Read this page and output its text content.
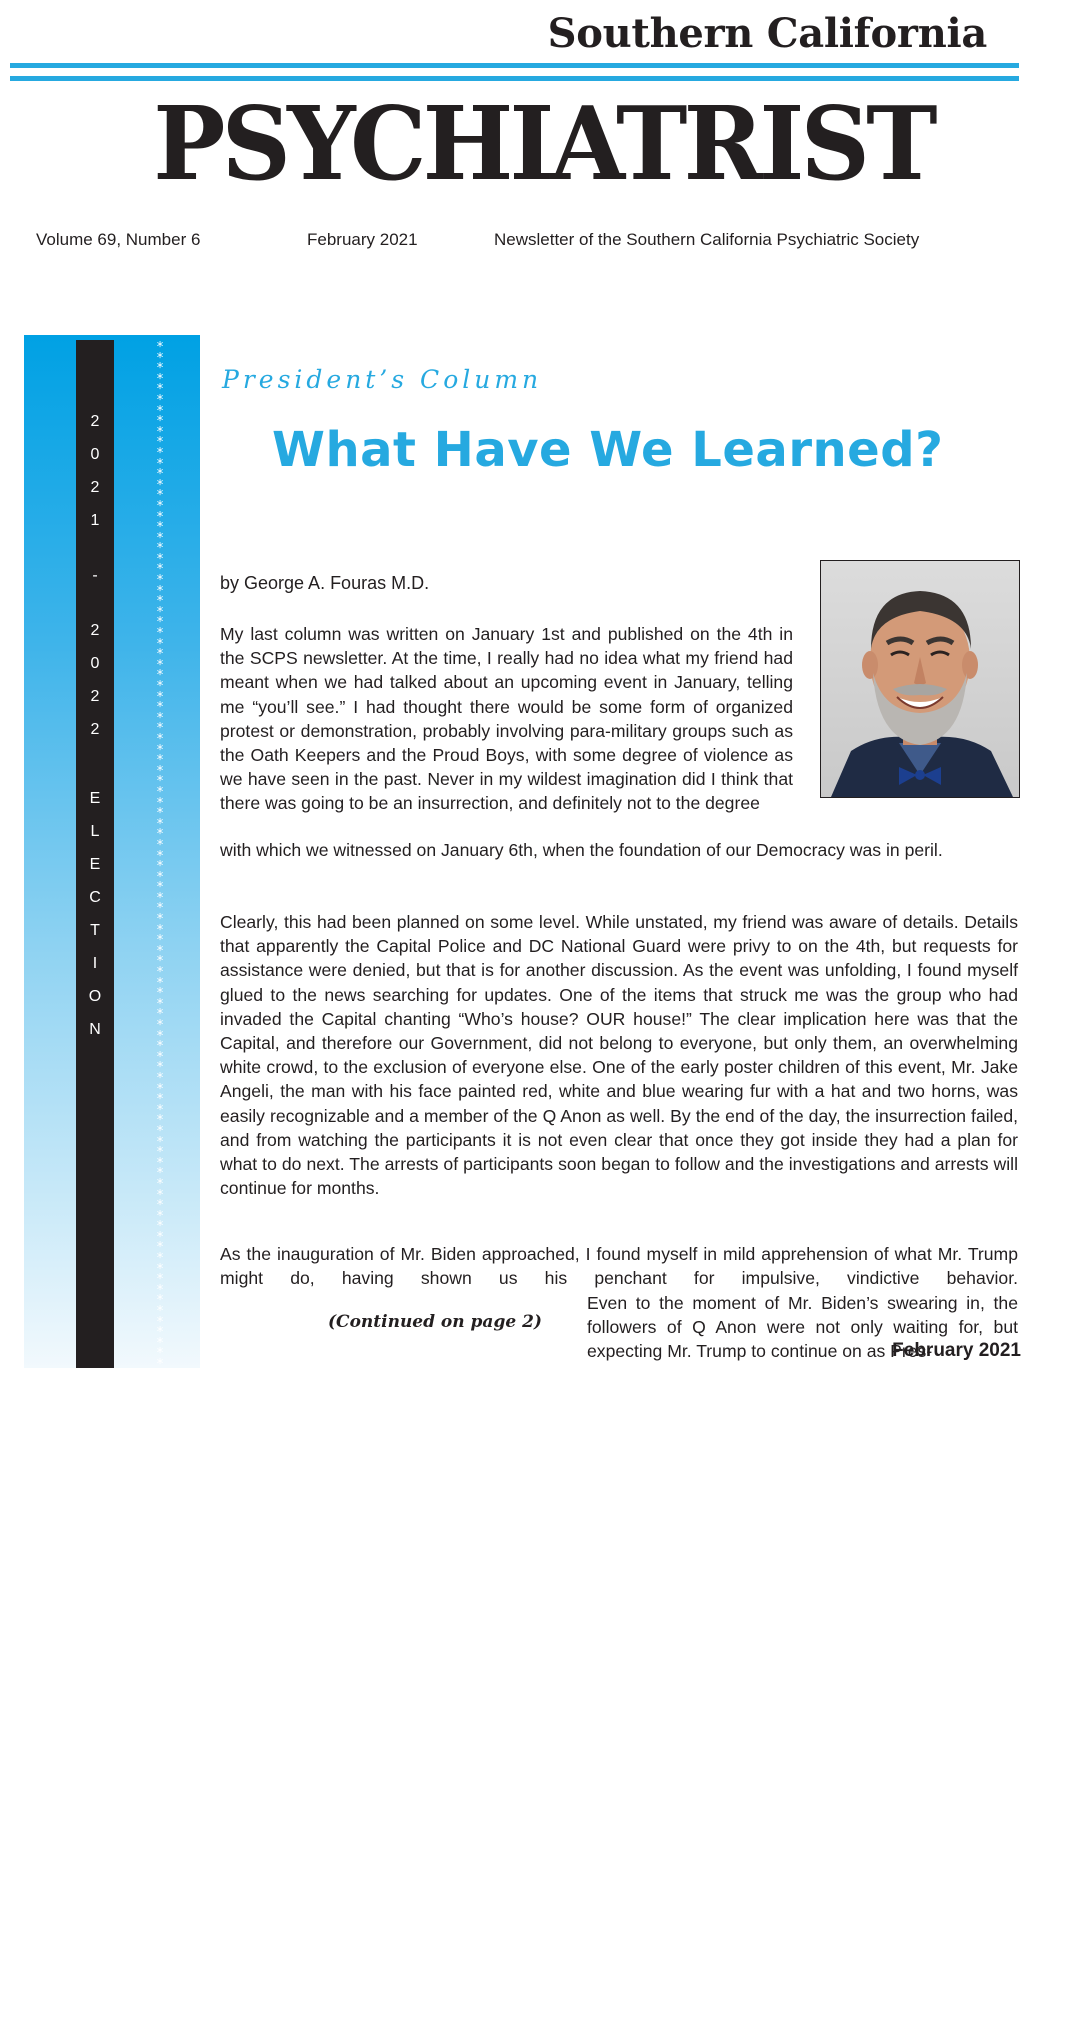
Southern California
PSYCHIATRIST
Volume 69, Number 6	February 2021	Newsletter of the Southern California Psychiatric Society
2
0
2
1
-
2
0
2
2
E
L
E
C
T
I
O
N
*
*
*
*
*
*
*
*
*
*
*
*
*
*
*
*
*
*
*
*
*
*
*
*
*
*
*
*
*
*
*
*
*
*
*
*
*
*
*
*
*
*
*
*
*
*
*
*
*
*
*
*
*
*
*
*
*
*
*
*
*
*
*
*
*
*
*
*
*
*
*
*
*
*
*
*
*
*
*
*
*
*
*
*
*
*
*
*
*
*
*
*
*
*
*
*
*
*
*
*
*
*
*
*
*
*
*
*
*
*
*
*
*
*
*
*
*
*
*
*
*
*
*
*
*
*
*
*
*
*
*
*
*
*
*
*
*
*
*
*
*
*
*
*
*
*
*
*
*
*
*
*
*
*
*
*
*
*
*
President’s Column
What Have We Learned?
by George A. Fouras M.D.
My last column was written on January 1st and published on the 4th in the SCPS newsletter. At the time, I really had no idea what my friend had meant when we had talked about an upcoming event in January, telling me “you’ll see.” I had thought there would be some form of organized protest or demonstration, probably involving para-military groups such as the Oath Keepers and the Proud Boys, with some degree of violence as we have seen in the past. Never in my wildest imagination did I think that there was going to be an insurrection, and definitely not to the degree
with which we witnessed on January 6th, when the foundation of our Democracy was in peril.
Clearly, this had been planned on some level. While unstated, my friend was aware of details. Details that apparently the Capital Police and DC National Guard were privy to on the 4th, but requests for assistance were denied, but that is for another discussion. As the event was unfolding, I found myself glued to the news searching for updates. One of the items that struck me was the group who had invaded the Capital chanting “Who’s house? OUR house!” The clear implication here was that the Capital, and therefore our Government, did not belong to everyone, but only them, an overwhelming white crowd, to the exclusion of everyone else. One of the early poster children of this event, Mr. Jake Angeli, the man with his face painted red, white and blue wearing fur with a hat and two horns, was easily recognizable and a member of the Q Anon as well. By the end of the day, the insurrection failed, and from watching the participants it is not even clear that once they got inside they had a plan for what to do next. The arrests of participants soon began to follow and the investigations and arrests will continue for months.
As the inauguration of Mr. Biden approached, I found myself in mild apprehension of what Mr. Trump might do, having shown us his penchant for impulsive, vindictive behavior.
Even to the moment of Mr. Biden’s swearing in, the followers of Q Anon were not only waiting for, but expecting Mr. Trump to continue on as Pres-
(Continued on page 2)
February 2021
